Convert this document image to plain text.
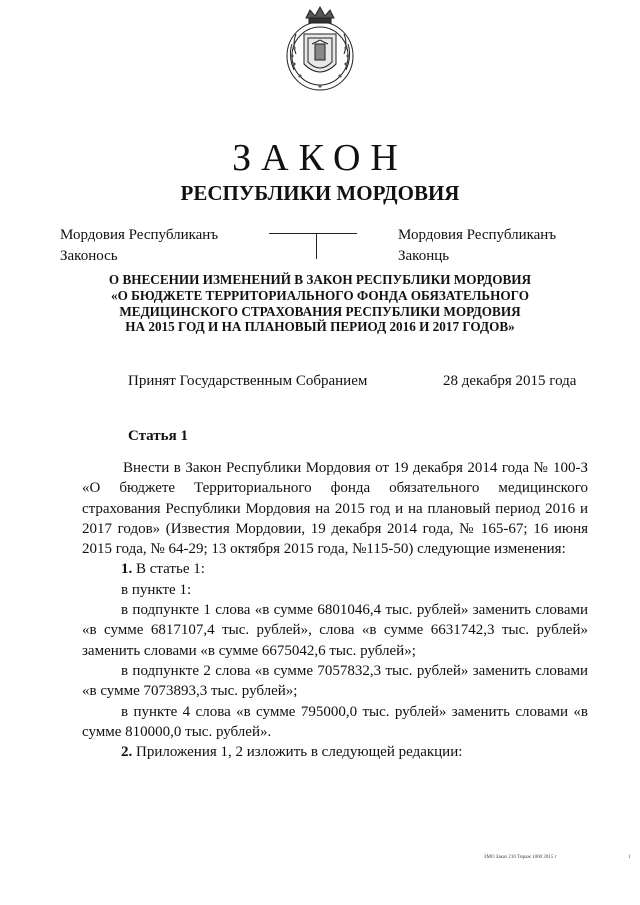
ЗАКОН
РЕСПУБЛИКИ МОРДОВИЯ
Мордовия Республиканъ
Законось
Мордовия Республиканъ
Законць
О ВНЕСЕНИИ ИЗМЕНЕНИЙ В ЗАКОН РЕСПУБЛИКИ МОРДОВИЯ
«О БЮДЖЕТЕ ТЕРРИТОРИАЛЬНОГО ФОНДА ОБЯЗАТЕЛЬНОГО
МЕДИЦИНСКОГО СТРАХОВАНИЯ РЕСПУБЛИКИ МОРДОВИЯ
НА 2015 ГОД И НА ПЛАНОВЫЙ ПЕРИОД 2016 И 2017 ГОДОВ»
Принят Государственным Собранием	28 декабря 2015 года
Статья 1

Внести в Закон Республики Мордовия от 19 декабря 2014 года № 100-З «О бюджете Территориального фонда обязательного медицинского страхования Республики Мордовия на 2015 год и на плановый период 2016 и 2017 годов» (Известия Мордовии, 19 декабря 2014 года, № 165-67; 16 июня 2015 года, № 64-29; 13 октября 2015 года, №115-50) следующие изменения:

1. В статье 1:

в пункте 1:

в подпункте 1 слова «в сумме 6801046,4 тыс. рублей» заменить словами «в сумме 6817107,4 тыс. рублей», слова «в сумме 6631742,3 тыс. рублей» заменить словами «в сумме 6675042,6 тыс. рублей»;

в подпункте 2 слова «в сумме 7057832,3 тыс. рублей» заменить словами «в сумме 7073893,3 тыс. рублей»;

в пункте 4 слова «в сумме 795000,0 тыс. рублей» заменить словами «в сумме 810000,0 тыс. рублей».

2. Приложения 1, 2 изложить в следующей редакции:

ЗМО Заказ 210 Тираж 1000 2015 г	1
